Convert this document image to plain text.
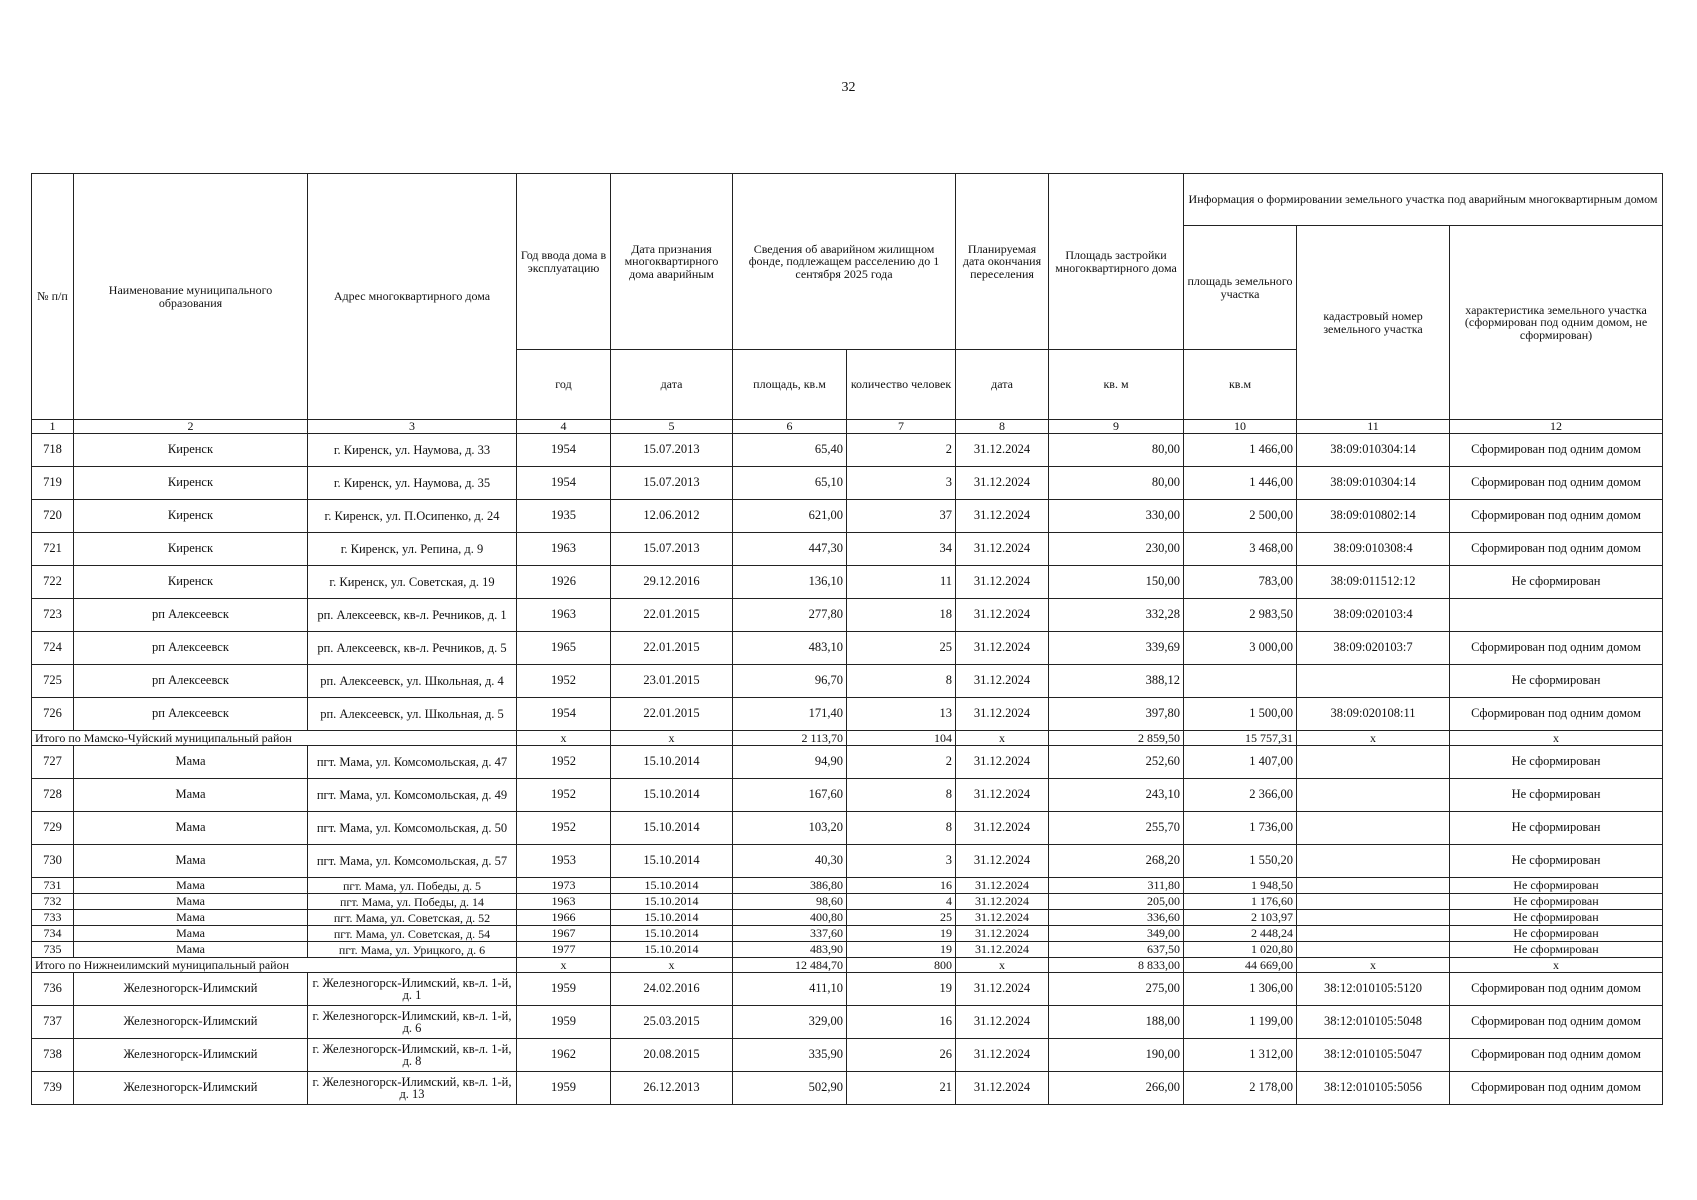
32
№ п/п	Наименование муниципального образования	Адрес многоквартирного дома	Год ввода дома в эксплуатацию	Дата признания многоквартирного дома аварийным	Сведения об аварийном жилищном фонде, подлежащем расселению до 1 сентября 2025 года		Планируемая дата окончания переселения	Площадь застройки многоквартирного дома	Информация о формировании земельного участка под аварийным многоквартирным домом		
									площадь земельного участка	кадастровый номер земельного участка	характеристика земельного участка (сформирован под одним домом, не сформирован)
			год	дата	площадь, кв.м	количество человек	дата	кв. м	кв.м		
1	2	3	4	5	6	7	8	9	10	11	12
718	Киренск	г. Киренск, ул. Наумова, д. 33	1954	15.07.2013	65,40	2	31.12.2024	80,00	1 466,00	38:09:010304:14	Сформирован под одним домом
719	Киренск	г. Киренск, ул. Наумова, д. 35	1954	15.07.2013	65,10	3	31.12.2024	80,00	1 446,00	38:09:010304:14	Сформирован под одним домом
720	Киренск	г. Киренск, ул. П.Осипенко, д. 24	1935	12.06.2012	621,00	37	31.12.2024	330,00	2 500,00	38:09:010802:14	Сформирован под одним домом
721	Киренск	г. Киренск, ул. Репина, д. 9	1963	15.07.2013	447,30	34	31.12.2024	230,00	3 468,00	38:09:010308:4	Сформирован под одним домом
722	Киренск	г. Киренск, ул. Советская, д. 19	1926	29.12.2016	136,10	11	31.12.2024	150,00	783,00	38:09:011512:12	Не сформирован
723	рп Алексеевск	рп. Алексеевск, кв-л. Речников, д. 1	1963	22.01.2015	277,80	18	31.12.2024	332,28	2 983,50	38:09:020103:4	
724	рп Алексеевск	рп. Алексеевск, кв-л. Речников, д. 5	1965	22.01.2015	483,10	25	31.12.2024	339,69	3 000,00	38:09:020103:7	Сформирован под одним домом
725	рп Алексеевск	рп. Алексеевск, ул. Школьная, д. 4	1952	23.01.2015	96,70	8	31.12.2024	388,12			Не сформирован
726	рп Алексеевск	рп. Алексеевск, ул. Школьная, д. 5	1954	22.01.2015	171,40	13	31.12.2024	397,80	1 500,00	38:09:020108:11	Сформирован под одним домом
Итого по Мамско-Чуйский муниципальный район			x	x	2 113,70	104	x	2 859,50	15 757,31	x	x
727	Мама	пгт. Мама, ул. Комсомольская, д. 47	1952	15.10.2014	94,90	2	31.12.2024	252,60	1 407,00		Не сформирован
728	Мама	пгт. Мама, ул. Комсомольская, д. 49	1952	15.10.2014	167,60	8	31.12.2024	243,10	2 366,00		Не сформирован
729	Мама	пгт. Мама, ул. Комсомольская, д. 50	1952	15.10.2014	103,20	8	31.12.2024	255,70	1 736,00		Не сформирован
730	Мама	пгт. Мама, ул. Комсомольская, д. 57	1953	15.10.2014	40,30	3	31.12.2024	268,20	1 550,20		Не сформирован
731	Мама	пгт. Мама, ул. Победы, д. 5	1973	15.10.2014	386,80	16	31.12.2024	311,80	1 948,50		Не сформирован
732	Мама	пгт. Мама, ул. Победы, д. 14	1963	15.10.2014	98,60	4	31.12.2024	205,00	1 176,60		Не сформирован
733	Мама	пгт. Мама, ул. Советская, д. 52	1966	15.10.2014	400,80	25	31.12.2024	336,60	2 103,97		Не сформирован
734	Мама	пгт. Мама, ул. Советская, д. 54	1967	15.10.2014	337,60	19	31.12.2024	349,00	2 448,24		Не сформирован
735	Мама	пгт. Мама, ул. Урицкого, д. 6	1977	15.10.2014	483,90	19	31.12.2024	637,50	1 020,80		Не сформирован
Итого по Нижнеилимский муниципальный район			x	x	12 484,70	800	x	8 833,00	44 669,00	x	x
736	Железногорск-Илимский	г. Железногорск-Илимский, кв-л. 1-й, д. 1	1959	24.02.2016	411,10	19	31.12.2024	275,00	1 306,00	38:12:010105:5120	Сформирован под одним домом
737	Железногорск-Илимский	г. Железногорск-Илимский, кв-л. 1-й, д. 6	1959	25.03.2015	329,00	16	31.12.2024	188,00	1 199,00	38:12:010105:5048	Сформирован под одним домом
738	Железногорск-Илимский	г. Железногорск-Илимский, кв-л. 1-й, д. 8	1962	20.08.2015	335,90	26	31.12.2024	190,00	1 312,00	38:12:010105:5047	Сформирован под одним домом
739	Железногорск-Илимский	г. Железногорск-Илимский, кв-л. 1-й, д. 13	1959	26.12.2013	502,90	21	31.12.2024	266,00	2 178,00	38:12:010105:5056	Сформирован под одним домом
